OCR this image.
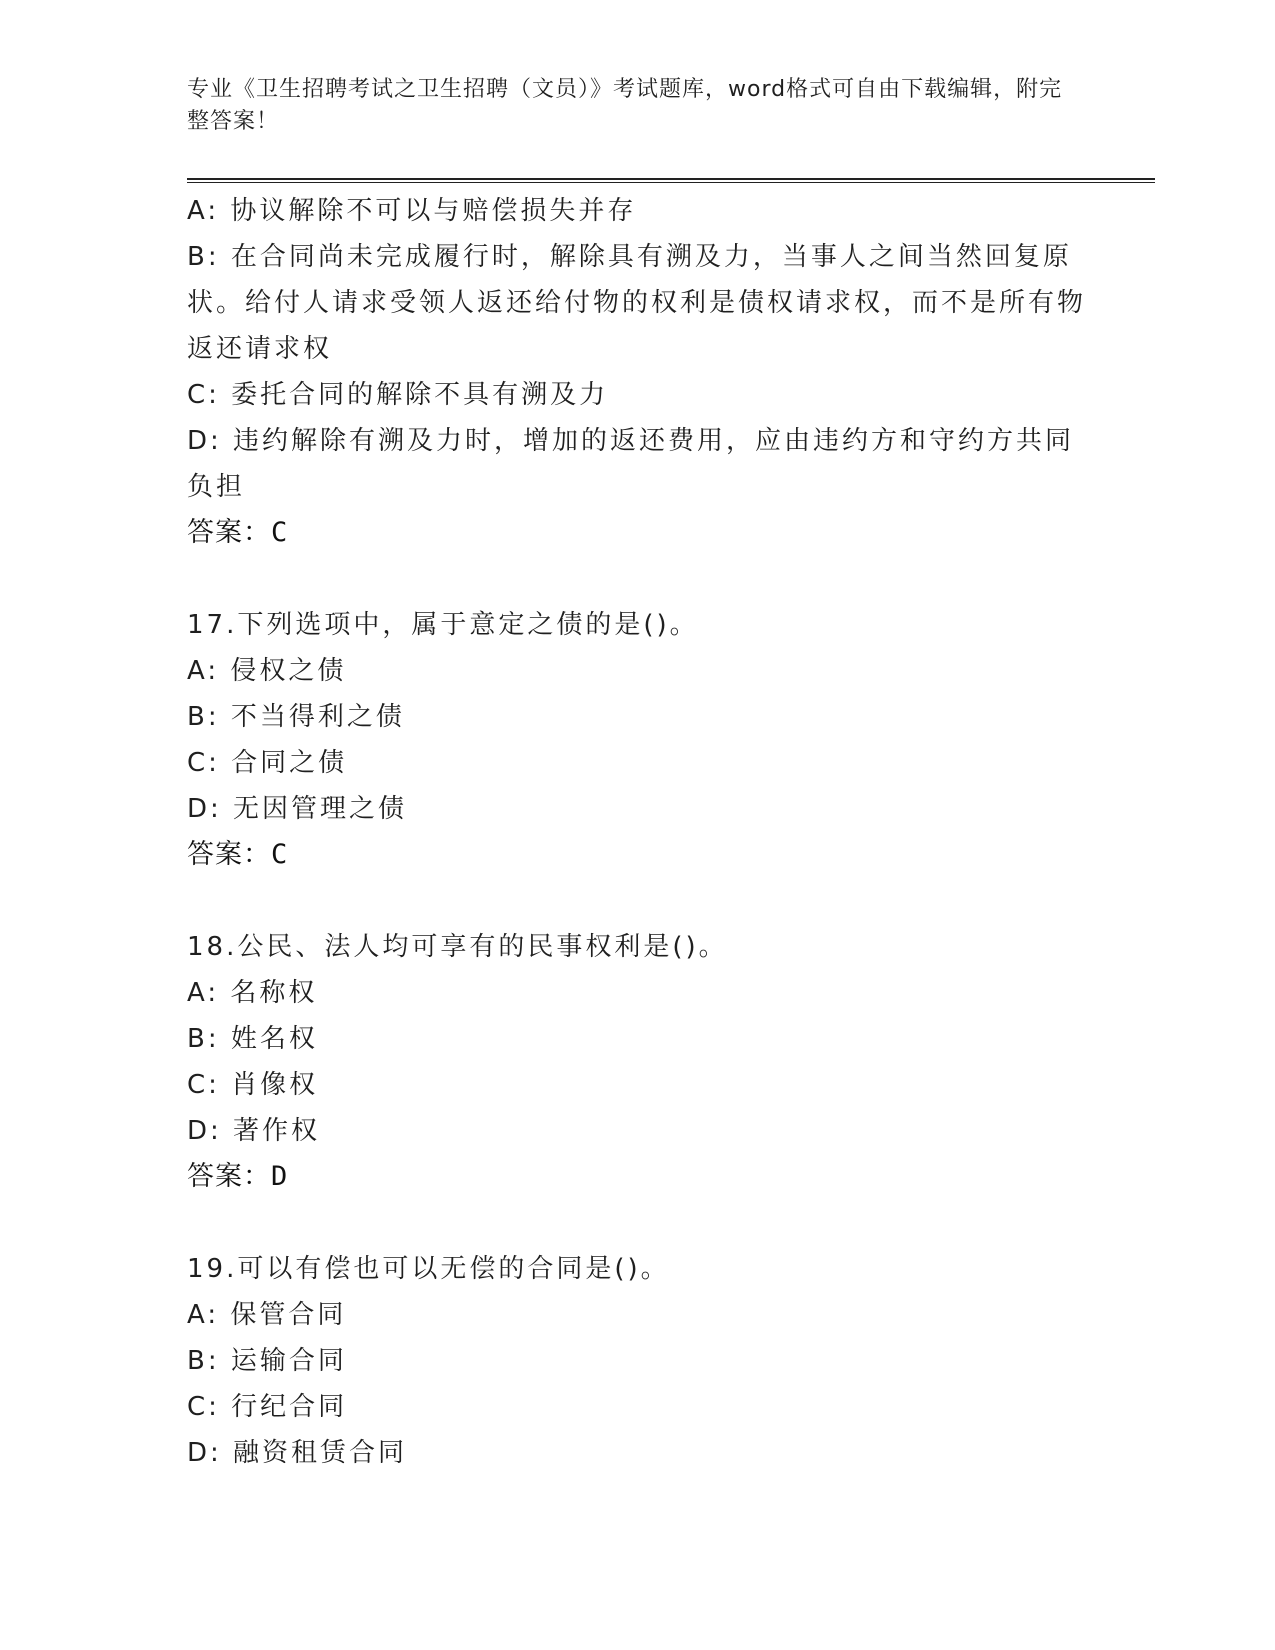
专业《卫生招聘考试之卫生招聘（文员）》考试题库，word格式可自由下载编辑，附完整答案！

A: 协议解除不可以与赔偿损失并存

B: 在合同尚未完成履行时，解除具有溯及力，当事人之间当然回复原状。给付人请求受领人返还给付物的权利是债权请求权，而不是所有物返还请求权

C: 委托合同的解除不具有溯及力

D: 违约解除有溯及力时，增加的返还费用，应由违约方和守约方共同负担

答案：C

17.下列选项中，属于意定之债的是()。

A: 侵权之债

B: 不当得利之债

C: 合同之债

D: 无因管理之债

答案：C

18.公民、法人均可享有的民事权利是()。

A: 名称权

B: 姓名权

C: 肖像权

D: 著作权

答案：D

19.可以有偿也可以无偿的合同是()。

A: 保管合同

B: 运输合同

C: 行纪合同

D: 融资租赁合同
